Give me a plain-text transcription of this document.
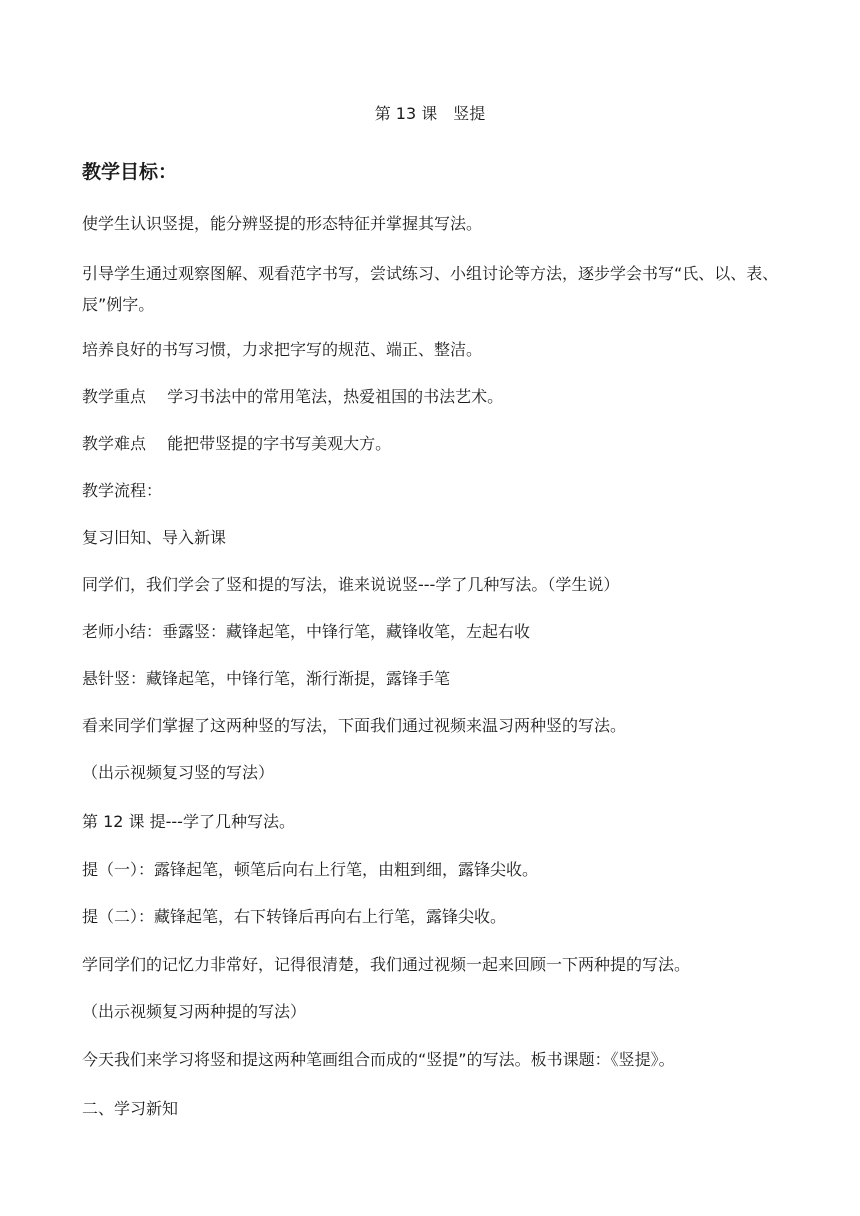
第 13 课　竖提
教学目标：
使学生认识竖提，能分辨竖提的形态特征并掌握其写法。
引导学生通过观察图解、观看范字书写，尝试练习、小组讨论等方法，逐步学会书写“氏、以、表、辰”例字。
培养良好的书写习惯，力求把字写的规范、端正、整洁。
教学重点　 学习书法中的常用笔法，热爱祖国的书法艺术。
教学难点　 能把带竖提的字书写美观大方。
教学流程：
复习旧知、导入新课
同学们，我们学会了竖和提的写法，谁来说说竖---学了几种写法。（学生说）
老师小结：垂露竖：藏锋起笔，中锋行笔，藏锋收笔，左起右收
悬针竖：藏锋起笔，中锋行笔，渐行渐提，露锋手笔
看来同学们掌握了这两种竖的写法，下面我们通过视频来温习两种竖的写法。
（出示视频复习竖的写法）
第 12 课 提---学了几种写法。
提（一）：露锋起笔，顿笔后向右上行笔，由粗到细，露锋尖收。
提（二）：藏锋起笔，右下转锋后再向右上行笔，露锋尖收。
学同学们的记忆力非常好，记得很清楚，我们通过视频一起来回顾一下两种提的写法。
（出示视频复习两种提的写法）
今天我们来学习将竖和提这两种笔画组合而成的“竖提”的写法。板书课题：《竖提》。
二、学习新知
